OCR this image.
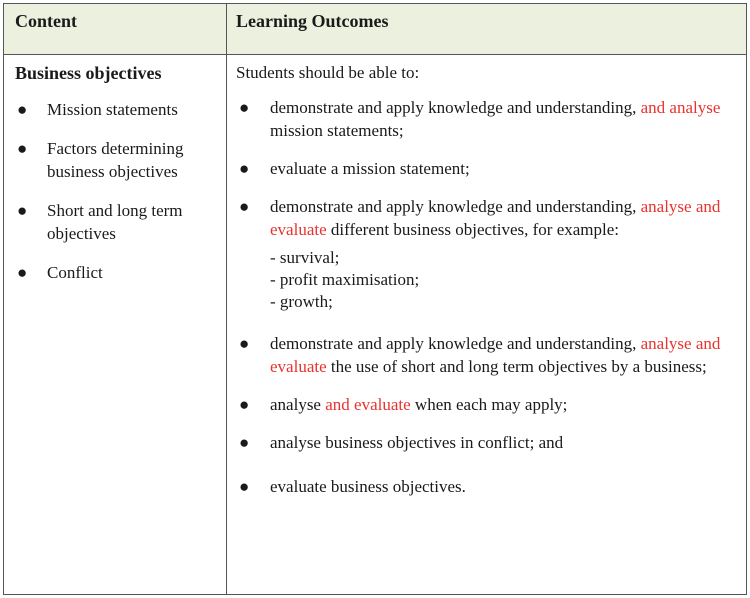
Content	Learning Outcomes
Business objectives
● Mission statements
● Factors determining business objectives
● Short and long term objectives
● Conflict
Students should be able to:
● demonstrate and apply knowledge and understanding, and analyse mission statements;
● evaluate a mission statement;
● demonstrate and apply knowledge and understanding, analyse and evaluate different business objectives, for example:
- survival;
- profit maximisation;
- growth;
● demonstrate and apply knowledge and understanding, analyse and evaluate the use of short and long term objectives by a business;
● analyse and evaluate when each may apply;
● analyse business objectives in conflict; and
● evaluate business objectives.
